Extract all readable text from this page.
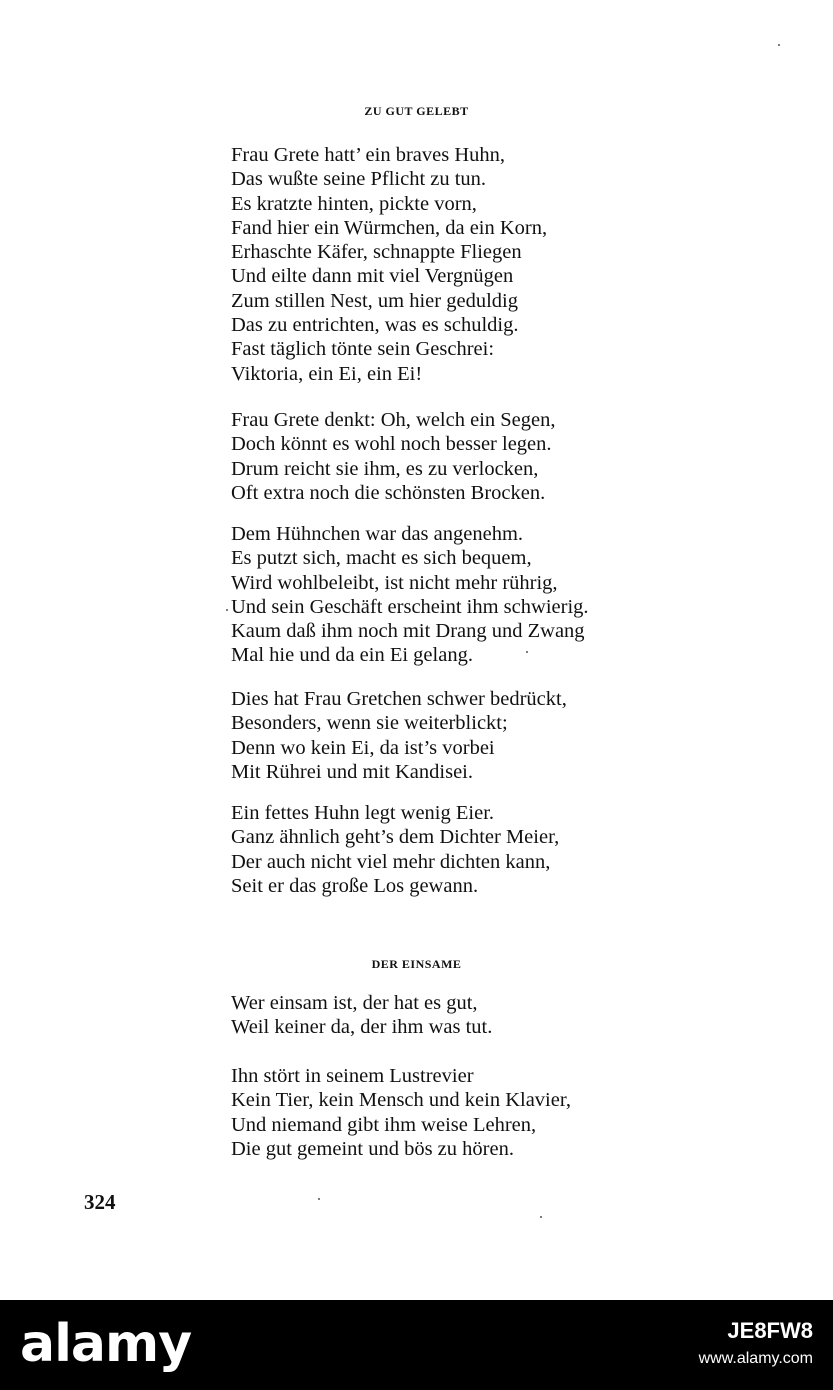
ZU GUT GELEBT
Frau Grete hatt’ ein braves Huhn,
Das wußte seine Pflicht zu tun.
Es kratzte hinten, pickte vorn,
Fand hier ein Würmchen, da ein Korn,
Erhaschte Käfer, schnappte Fliegen
Und eilte dann mit viel Vergnügen
Zum stillen Nest, um hier geduldig
Das zu entrichten, was es schuldig.
Fast täglich tönte sein Geschrei:
Viktoria, ein Ei, ein Ei!
Frau Grete denkt: Oh, welch ein Segen,
Doch könnt es wohl noch besser legen.
Drum reicht sie ihm, es zu verlocken,
Oft extra noch die schönsten Brocken.
Dem Hühnchen war das angenehm.
Es putzt sich, macht es sich bequem,
Wird wohlbeleibt, ist nicht mehr rührig,
Und sein Geschäft erscheint ihm schwierig.
Kaum daß ihm noch mit Drang und Zwang
Mal hie und da ein Ei gelang.
Dies hat Frau Gretchen schwer bedrückt,
Besonders, wenn sie weiterblickt;
Denn wo kein Ei, da ist’s vorbei
Mit Rührei und mit Kandisei.
Ein fettes Huhn legt wenig Eier.
Ganz ähnlich geht’s dem Dichter Meier,
Der auch nicht viel mehr dichten kann,
Seit er das große Los gewann.
DER EINSAME
Wer einsam ist, der hat es gut,
Weil keiner da, der ihm was tut.
Ihn stört in seinem Lustrevier
Kein Tier, kein Mensch und kein Klavier,
Und niemand gibt ihm weise Lehren,
Die gut gemeint und bös zu hören.
324
alamy	JE8FW8
www.alamy.com
